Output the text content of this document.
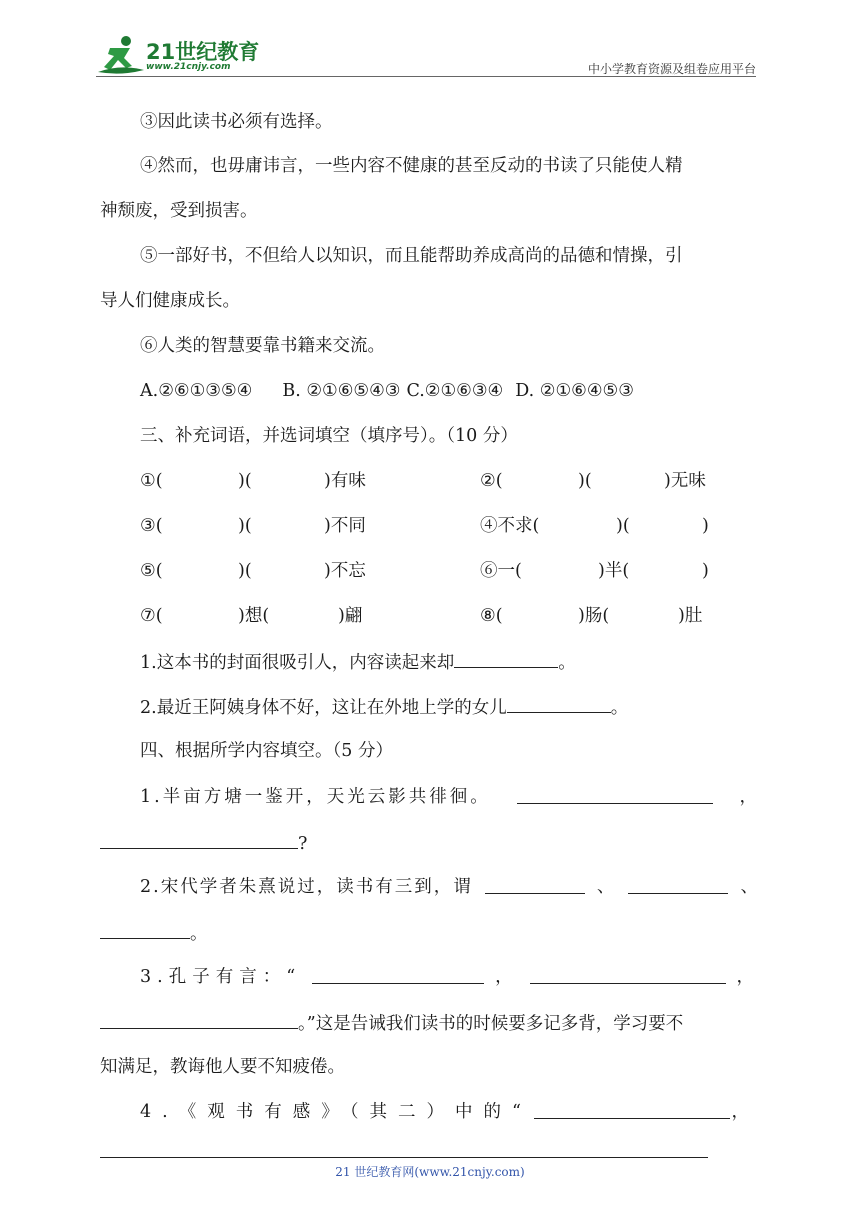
21世纪教育
www.21cnjy.com	中小学教育资源及组卷应用平台
③因此读书必须有选择。
④然而，也毋庸讳言，一些内容不健康的甚至反动的书读了只能使人精
神颓废，受到损害。
⑤一部好书，不但给人以知识，而且能帮助养成高尚的品德和情操，引
导人们健康成长。
⑥人类的智慧要靠书籍来交流。
A.②⑥①③⑤④ B. ②①⑥⑤④③ C.②①⑥③④ D. ②①⑥④⑤③
三、补充词语，并选词填空（填序号）。（10 分）
①(	)(	)有味	②(	)(	)无味
③(	)(	)不同	④不求(	)(	)
⑤(	)(	)不忘	⑥一(	)半(	)
⑦(	)想(	)翩	⑧(	)肠(	)肚
1.这本书的封面很吸引人，内容读起来却	。
2.最近王阿姨身体不好，这让在外地上学的女儿	。
四、根据所学内容填空。（5 分）
1.半亩方塘一鉴开，天光云影共徘徊。	，
?
2.宋代学者朱熹说过，读书有三到，谓	、	、
。
3.孔子有言：“	，	，
。”这是告诫我们读书的时候要多记多背，学习要不
知满足，教诲他人要不知疲倦。
4.《观书有感》（其二）中的“	，
21 世纪教育网(www.21cnjy.com)
